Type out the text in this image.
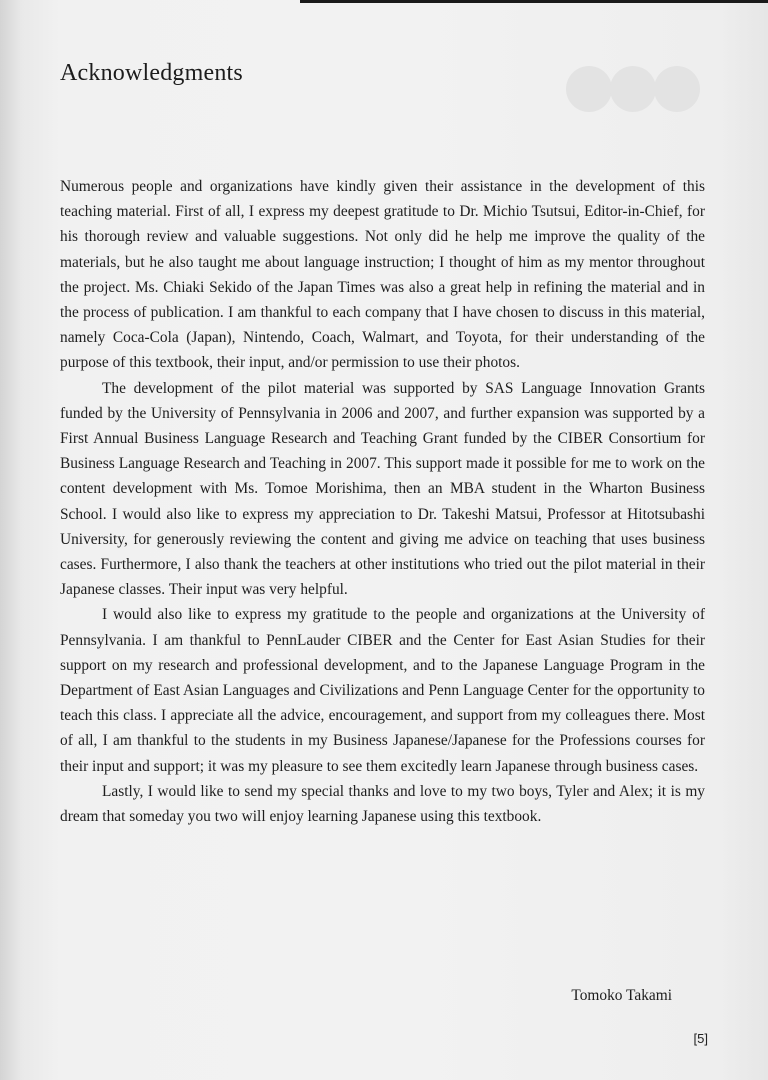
Acknowledgments

Numerous people and organizations have kindly given their assistance in the development of this teaching material. First of all, I express my deepest gratitude to Dr. Michio Tsutsui, Editor-in-Chief, for his thorough review and valuable suggestions. Not only did he help me improve the quality of the materials, but he also taught me about language instruction; I thought of him as my mentor throughout the project. Ms. Chiaki Sekido of the Japan Times was also a great help in refining the material and in the process of publication. I am thankful to each company that I have chosen to discuss in this material, namely Coca-Cola (Japan), Nintendo, Coach, Walmart, and Toyota, for their understanding of the purpose of this textbook, their input, and/or permission to use their photos.

The development of the pilot material was supported by SAS Language Innovation Grants funded by the University of Pennsylvania in 2006 and 2007, and further expansion was supported by a First Annual Business Language Research and Teaching Grant funded by the CIBER Consortium for Business Language Research and Teaching in 2007. This support made it possible for me to work on the content development with Ms. Tomoe Morishima, then an MBA student in the Wharton Business School. I would also like to express my appreciation to Dr. Takeshi Matsui, Professor at Hitotsubashi University, for generously reviewing the content and giving me advice on teaching that uses business cases. Furthermore, I also thank the teachers at other institutions who tried out the pilot material in their Japanese classes. Their input was very helpful.

I would also like to express my gratitude to the people and organizations at the University of Pennsylvania. I am thankful to PennLauder CIBER and the Center for East Asian Studies for their support on my research and professional development, and to the Japanese Language Program in the Department of East Asian Languages and Civilizations and Penn Language Center for the opportunity to teach this class. I appreciate all the advice, encouragement, and support from my colleagues there. Most of all, I am thankful to the students in my Business Japanese/Japanese for the Professions courses for their input and support; it was my pleasure to see them excitedly learn Japanese through business cases.

Lastly, I would like to send my special thanks and love to my two boys, Tyler and Alex; it is my dream that someday you two will enjoy learning Japanese using this textbook.

Tomoko Takami
[5]
